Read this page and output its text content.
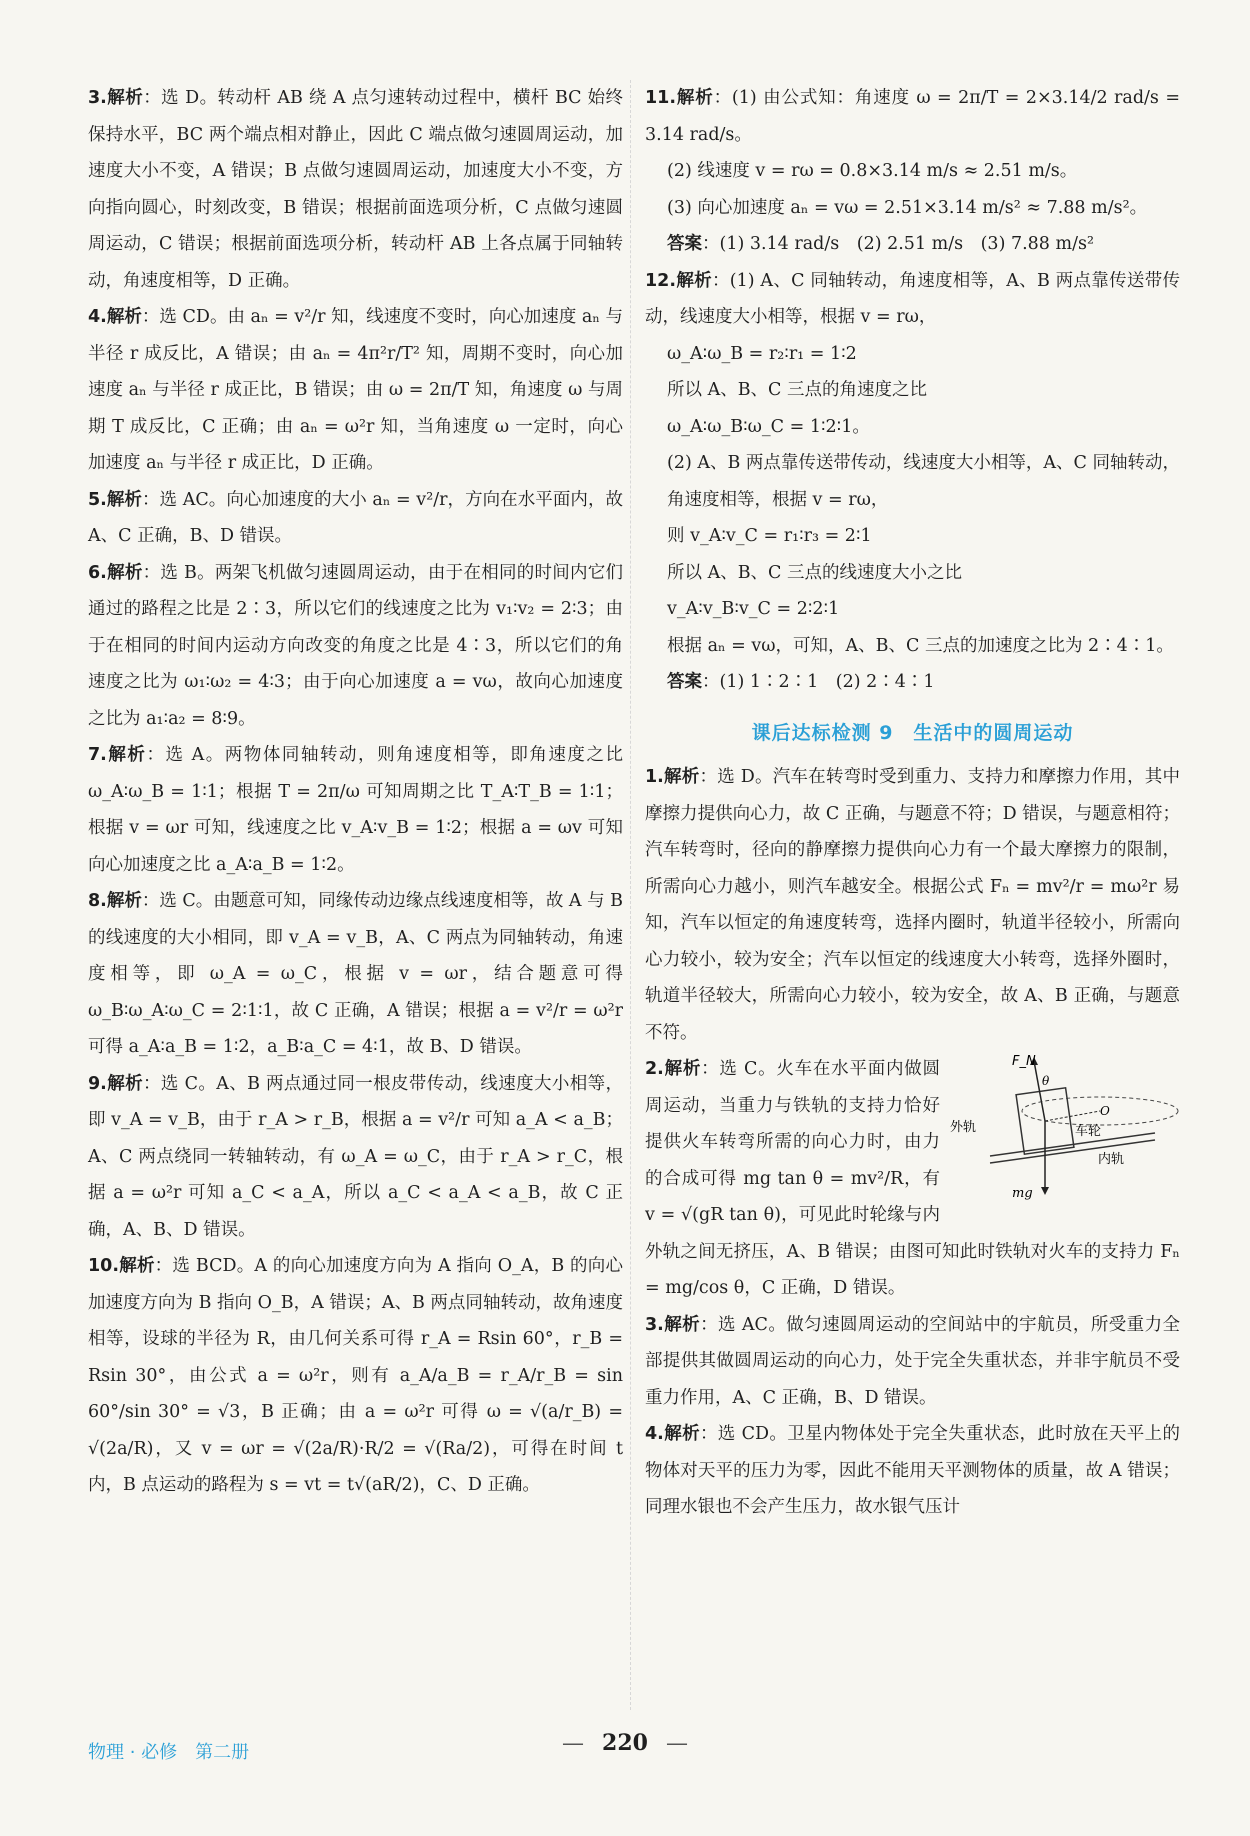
3.解析：选 D。转动杆 AB 绕 A 点匀速转动过程中，横杆 BC 始终保持水平，BC 两个端点相对静止，因此 C 端点做匀速圆周运动，加速度大小不变，A 错误；B 点做匀速圆周运动，加速度大小不变，方向指向圆心，时刻改变，B 错误；根据前面选项分析，C 点做匀速圆周运动，C 错误；根据前面选项分析，转动杆 AB 上各点属于同轴转动，角速度相等，D 正确。

4.解析：选 CD。由 aₙ = v²/r 知，线速度不变时，向心加速度 aₙ 与半径 r 成反比，A 错误；由 aₙ = 4π²r/T² 知，周期不变时，向心加速度 aₙ 与半径 r 成正比，B 错误；由 ω = 2π/T 知，角速度 ω 与周期 T 成反比，C 正确；由 aₙ = ω²r 知，当角速度 ω 一定时，向心加速度 aₙ 与半径 r 成正比，D 正确。

5.解析：选 AC。向心加速度的大小 aₙ = v²/r，方向在水平面内，故 A、C 正确，B、D 错误。

6.解析：选 B。两架飞机做匀速圆周运动，由于在相同的时间内它们通过的路程之比是 2∶3，所以它们的线速度之比为 v₁∶v₂ = 2∶3；由于在相同的时间内运动方向改变的角度之比是 4∶3，所以它们的角速度之比为 ω₁∶ω₂ = 4∶3；由于向心加速度 a = vω，故向心加速度之比为 a₁∶a₂ = 8∶9。

7.解析：选 A。两物体同轴转动，则角速度相等，即角速度之比 ω_A∶ω_B = 1∶1；根据 T = 2π/ω 可知周期之比 T_A∶T_B = 1∶1；根据 v = ωr 可知，线速度之比 v_A∶v_B = 1∶2；根据 a = ωv 可知向心加速度之比 a_A∶a_B = 1∶2。

8.解析：选 C。由题意可知，同缘传动边缘点线速度相等，故 A 与 B 的线速度的大小相同，即 v_A = v_B，A、C 两点为同轴转动，角速度相等，即 ω_A = ω_C，根据 v = ωr，结合题意可得 ω_B∶ω_A∶ω_C = 2∶1∶1，故 C 正确，A 错误；根据 a = v²/r = ω²r 可得 a_A∶a_B = 1∶2，a_B∶a_C = 4∶1，故 B、D 错误。

9.解析：选 C。A、B 两点通过同一根皮带传动，线速度大小相等，即 v_A = v_B，由于 r_A > r_B，根据 a = v²/r 可知 a_A < a_B；A、C 两点绕同一转轴转动，有 ω_A = ω_C，由于 r_A > r_C，根据 a = ω²r 可知 a_C < a_A，所以 a_C < a_A < a_B，故 C 正确，A、B、D 错误。

10.解析：选 BCD。A 的向心加速度方向为 A 指向 O_A，B 的向心加速度方向为 B 指向 O_B，A 错误；A、B 两点同轴转动，故角速度相等，设球的半径为 R，由几何关系可得 r_A = Rsin 60°，r_B = Rsin 30°，由公式 a = ω²r，则有 a_A/a_B = r_A/r_B = sin 60°/sin 30° = √3，B 正确；由 a = ω²r 可得 ω = √(a/r_B) = √(2a/R)，又 v = ωr = √(2a/R)·R/2 = √(Ra/2)，可得在时间 t 内，B 点运动的路程为 s = vt = t√(aR/2)，C、D 正确。

11.解析：(1) 由公式知：角速度 ω = 2π/T = 2×3.14/2 rad/s = 3.14 rad/s。

(2) 线速度 v = rω = 0.8×3.14 m/s ≈ 2.51 m/s。

(3) 向心加速度 aₙ = vω = 2.51×3.14 m/s² ≈ 7.88 m/s²。

答案：(1) 3.14 rad/s　(2) 2.51 m/s　(3) 7.88 m/s²

12.解析：(1) A、C 同轴转动，角速度相等，A、B 两点靠传送带传动，线速度大小相等，根据 v = rω，

ω_A∶ω_B = r₂∶r₁ = 1∶2

所以 A、B、C 三点的角速度之比

ω_A∶ω_B∶ω_C = 1∶2∶1。

(2) A、B 两点靠传送带传动，线速度大小相等，A、C 同轴转动，角速度相等，根据 v = rω，

则 v_A∶v_C = r₁∶r₃ = 2∶1

所以 A、B、C 三点的线速度大小之比

v_A∶v_B∶v_C = 2∶2∶1

根据 aₙ = vω，可知，A、B、C 三点的加速度之比为 2∶4∶1。

答案：(1) 1∶2∶1　(2) 2∶4∶1

课后达标检测 9　生活中的圆周运动

1.解析：选 D。汽车在转弯时受到重力、支持力和摩擦力作用，其中摩擦力提供向心力，故 C 正确，与题意不符；D 错误，与题意相符；汽车转弯时，径向的静摩擦力提供向心力有一个最大摩擦力的限制，所需向心力越小，则汽车越安全。根据公式 Fₙ = mv²/r = mω²r 易知，汽车以恒定的角速度转弯，选择内圈时，轨道半径较小，所需向心力较小，较为安全；汽车以恒定的线速度大小转弯，选择外圈时，轨道半径较大，所需向心力较小，较为安全，故 A、B 正确，与题意不符。

F_N
θ
O
外轨	车轮
内轨
mg

2.解析：选 C。火车在水平面内做圆周运动，当重力与铁轨的支持力恰好提供火车转弯所需的向心力时，由力的合成可得 mg tan θ = mv²/R，有 v = √(gR tan θ)，可见此时轮缘与内外轨之间无挤压，A、B 错误；由图可知此时铁轨对火车的支持力 Fₙ = mg/cos θ，C 正确，D 错误。

3.解析：选 AC。做匀速圆周运动的空间站中的宇航员，所受重力全部提供其做圆周运动的向心力，处于完全失重状态，并非宇航员不受重力作用，A、C 正确，B、D 错误。

4.解析：选 CD。卫星内物体处于完全失重状态，此时放在天平上的物体对天平的压力为零，因此不能用天平测物体的质量，故 A 错误；同理水银也不会产生压力，故水银气压计

物理 · 必修　第二册	— 220 —
